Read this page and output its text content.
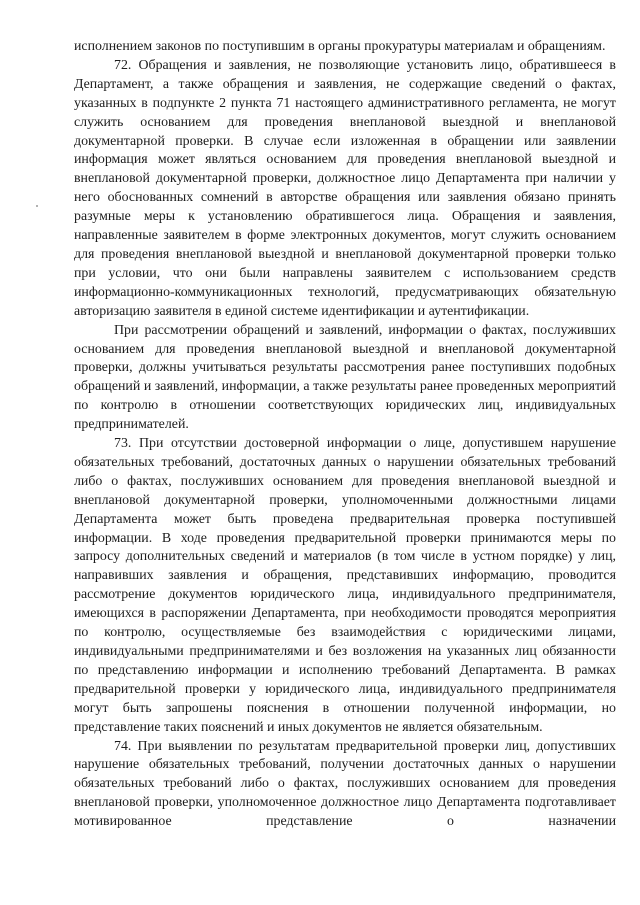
исполнением законов по поступившим в органы прокуратуры материалам и обращениям.

72. Обращения и заявления, не позволяющие установить лицо, обратившееся в Департамент, а также обращения и заявления, не содержащие сведений о фактах, указанных в подпункте 2 пункта 71 настоящего административного регламента, не могут служить основанием для проведения внеплановой выездной и внеплановой документарной проверки. В случае если изложенная в обращении или заявлении информация может являться основанием для проведения внеплановой выездной и внеплановой документарной проверки, должностное лицо Департамента при наличии у него обоснованных сомнений в авторстве обращения или заявления обязано принять разумные меры к установлению обратившегося лица. Обращения и заявления, направленные заявителем в форме электронных документов, могут служить основанием для проведения внеплановой выездной и внеплановой документарной проверки только при условии, что они были направлены заявителем с использованием средств информационно-коммуникационных технологий, предусматривающих обязательную авторизацию заявителя в единой системе идентификации и аутентификации.

При рассмотрении обращений и заявлений, информации о фактах, послуживших основанием для проведения внеплановой выездной и внеплановой документарной проверки, должны учитываться результаты рассмотрения ранее поступивших подобных обращений и заявлений, информации, а также результаты ранее проведенных мероприятий по контролю в отношении соответствующих юридических лиц, индивидуальных предпринимателей.

73. При отсутствии достоверной информации о лице, допустившем нарушение обязательных требований, достаточных данных о нарушении обязательных требований либо о фактах, послуживших основанием для проведения внеплановой выездной и внеплановой документарной проверки, уполномоченными должностными лицами Департамента может быть проведена предварительная проверка поступившей информации. В ходе проведения предварительной проверки принимаются меры по запросу дополнительных сведений и материалов (в том числе в устном порядке) у лиц, направивших заявления и обращения, представивших информацию, проводится рассмотрение документов юридического лица, индивидуального предпринимателя, имеющихся в распоряжении Департамента, при необходимости проводятся мероприятия по контролю, осуществляемые без взаимодействия с юридическими лицами, индивидуальными предпринимателями и без возложения на указанных лиц обязанности по представлению информации и исполнению требований Департамента. В рамках предварительной проверки у юридического лица, индивидуального предпринимателя могут быть запрошены пояснения в отношении полученной информации, но представление таких пояснений и иных документов не является обязательным.

74. При выявлении по результатам предварительной проверки лиц, допустивших нарушение обязательных требований, получении достаточных данных о нарушении обязательных требований либо о фактах, послуживших основанием для проведения внеплановой проверки, уполномоченное должностное лицо Департамента подготавливает мотивированное представление о назначении
